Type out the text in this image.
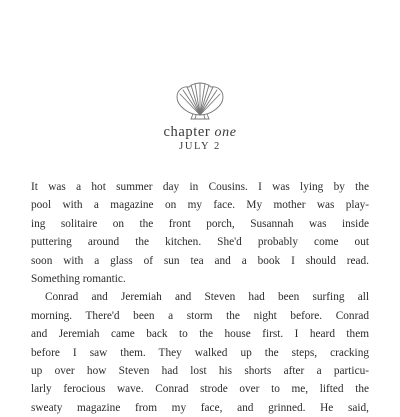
chapter one
JULY 2
It was a hot summer day in Cousins. I was lying by the
pool with a magazine on my face. My mother was play-
ing solitaire on the front porch, Susannah was inside
puttering around the kitchen. She'd probably come out
soon with a glass of sun tea and a book I should read.
Something romantic.
Conrad and Jeremiah and Steven had been surfing all
morning. There'd been a storm the night before. Conrad
and Jeremiah came back to the house first. I heard them
before I saw them. They walked up the steps, cracking
up over how Steven had lost his shorts after a particu-
larly ferocious wave. Conrad strode over to me, lifted the
sweaty magazine from my face, and grinned. He said,
